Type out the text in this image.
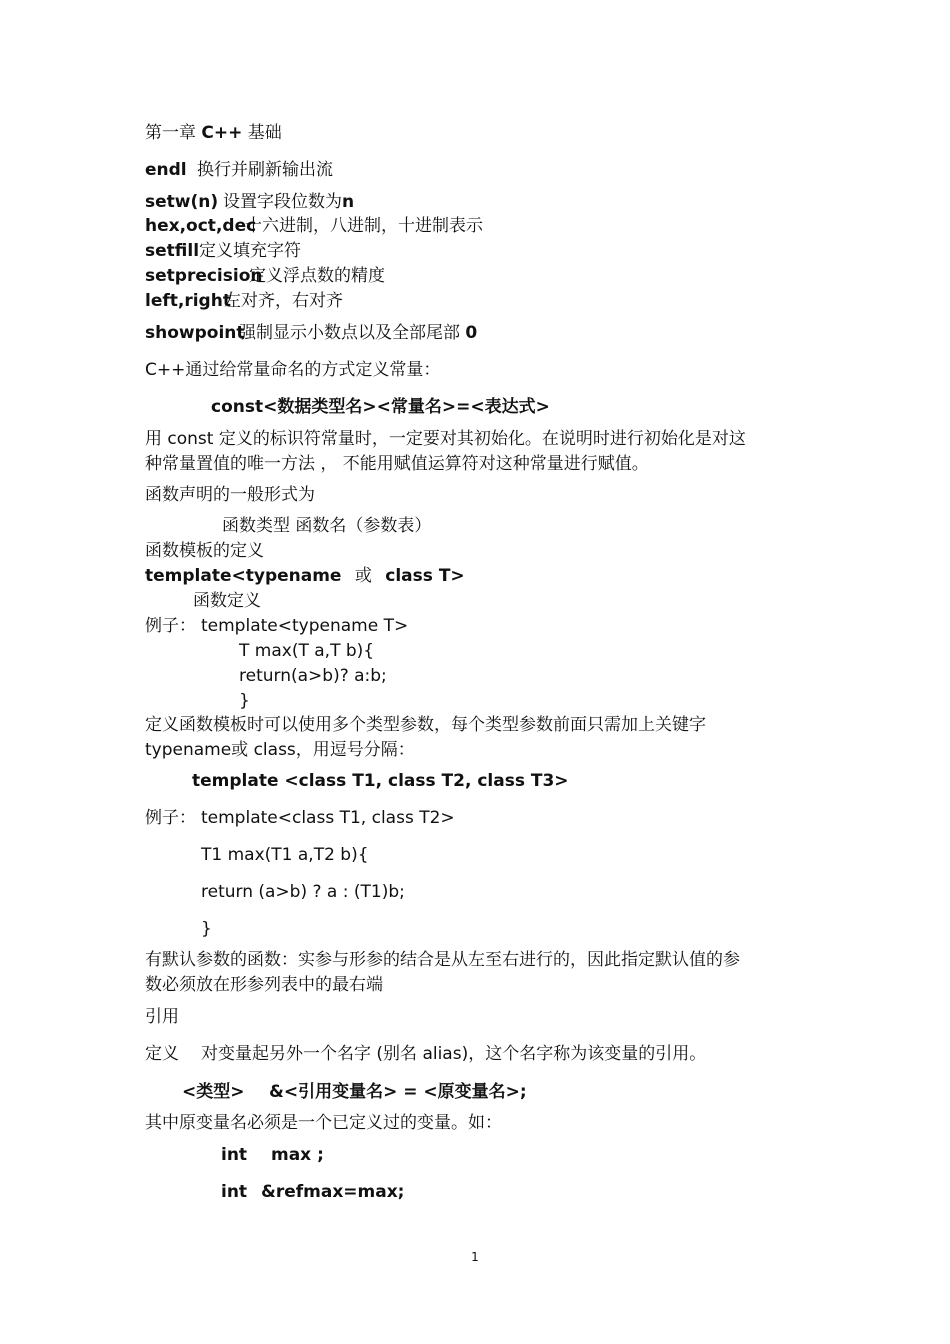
第一章 C++ 基础
endl 换行并刷新输出流
setw(n) 设置字段位数为n
hex,oct,dec十六进制，八进制，十进制表示
setfill定义填充字符
setprecision定义浮点数的精度
left,right左对齐，右对齐
showpoint强制显示小数点以及全部尾部 0
C++通过给常量命名的方式定义常量：
const<数据类型名><常量名>=<表达式>
用 const 定义的标识符常量时，一定要对其初始化。在说明时进行初始化是对这
种常量置值的唯一方法 ， 不能用赋值运算符对这种常量进行赋值。
函数声明的一般形式为
函数类型 函数名（参数表）
函数模板的定义
template<typename 或 class T>
函数定义
例子： template<typename T>
T max(T a,T b){
return(a>b)? a:b;
}
定义函数模板时可以使用多个类型参数，每个类型参数前面只需加上关键字
typename或 class，用逗号分隔：
template <class T1, class T2, class T3>
例子： template<class T1, class T2>
T1 max(T1 a,T2 b){
return (a>b) ? a : (T1)b;
}
有默认参数的函数：实参与形参的结合是从左至右进行的，因此指定默认值的参
数必须放在形参列表中的最右端
引用
定义 对变量起另外一个名字 (别名 alias)，这个名字称为该变量的引用。
<类型> &<引用变量名> = <原变量名>;
其中原变量名必须是一个已定义过的变量。如：
int max ;
int &refmax=max;
1
